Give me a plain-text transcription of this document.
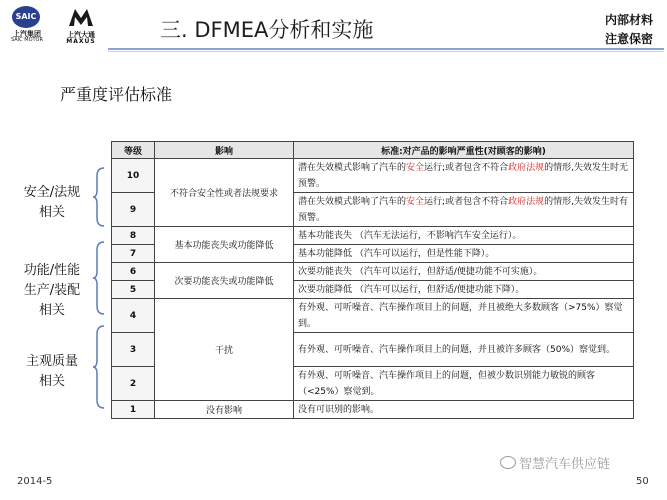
SAIC
上汽集团
SAIC MOTOR
上汽大通
MAXUS	三. DFMEA分析和实施	内部材料
注意保密
严重度评估标准
安全/法规
相关
功能/性能
生产/装配
相关
主观质量
相关
等级	影响	标准:对产品的影响严重性(对顾客的影响)
10	不符合安全性或者法规要求	潜在失效模式影响了汽车的安全运行;或者包含不符合政府法规的情形,失效发生时无预警。
9		潜在失效模式影响了汽车的安全运行;或者包含不符合政府法规的情形,失效发生时有预警。
8	基本功能丧失或功能降低	基本功能丧失 （汽车无法运行，不影响汽车安全运行）。
7		基本功能降低 （汽车可以运行，但是性能下降）。
6	次要功能丧失或功能降低	次要功能丧失 （汽车可以运行，但舒适/便捷功能不可实施）。
5		次要功能降低 （汽车可以运行，但舒适/便捷功能下降）。
4	干扰	有外观、可听噪音、汽车操作项目上的问题，并且被绝大多数顾客（>75%）察觉到。
3		有外观、可听噪音、汽车操作项目上的问题，并且被许多顾客（50%）察觉到。
2		有外观、可听噪音、汽车操作项目上的问题，但被少数识别能力敏锐的顾客（<25%）察觉到。
1	没有影响	没有可识别的影响。
智慧汽车供应链
2014-5	50
